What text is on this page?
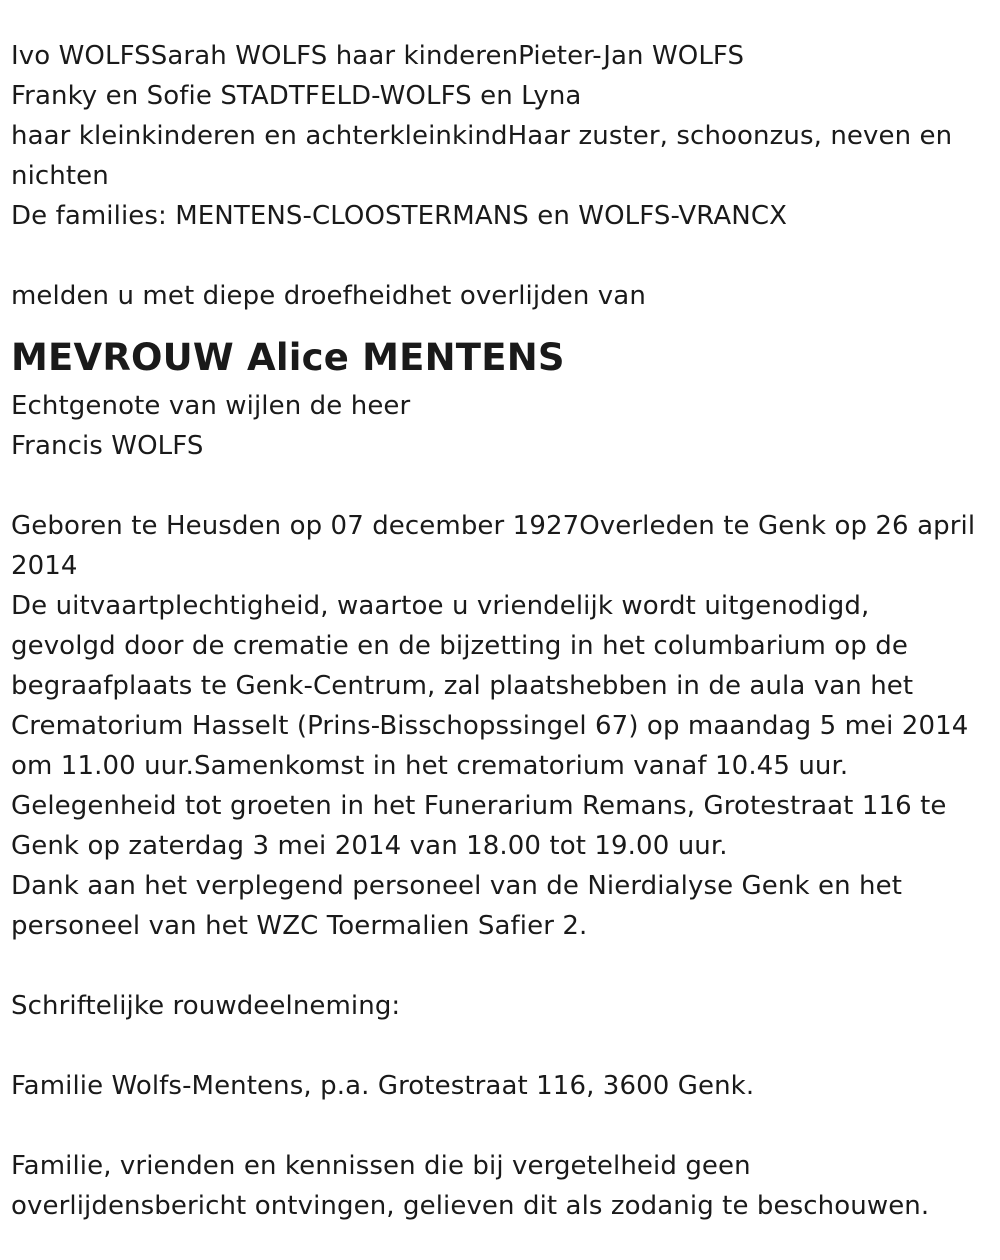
Ivo WOLFSSarah WOLFS haar kinderenPieter-Jan WOLFS
Franky en Sofie STADTFELD-WOLFS en Lyna
haar kleinkinderen en achterkleinkindHaar zuster, schoonzus, neven en
nichten
De families: MENTENS-CLOOSTERMANS en WOLFS-VRANCX
melden u met diepe droefheidhet overlijden van
MEVROUW Alice MENTENS
Echtgenote van wijlen de heer
Francis WOLFS
Geboren te Heusden op 07 december 1927Overleden te Genk op 26 april
2014
De uitvaartplechtigheid, waartoe u vriendelijk wordt uitgenodigd,
gevolgd door de crematie en de bijzetting in het columbarium op de
begraafplaats te Genk-Centrum, zal plaatshebben in de aula van het
Crematorium Hasselt (Prins-Bisschopssingel 67) op maandag 5 mei 2014
om 11.00 uur.Samenkomst in het crematorium vanaf 10.45 uur.
Gelegenheid tot groeten in het Funerarium Remans, Grotestraat 116 te
Genk op zaterdag 3 mei 2014 van 18.00 tot 19.00 uur.
Dank aan het verplegend personeel van de Nierdialyse Genk en het
personeel van het WZC Toermalien Safier 2.
Schriftelijke rouwdeelneming:
Familie Wolfs-Mentens, p.a. Grotestraat 116, 3600 Genk.
Familie, vrienden en kennissen die bij vergetelheid geen
overlijdensbericht ontvingen, gelieven dit als zodanig te beschouwen.
